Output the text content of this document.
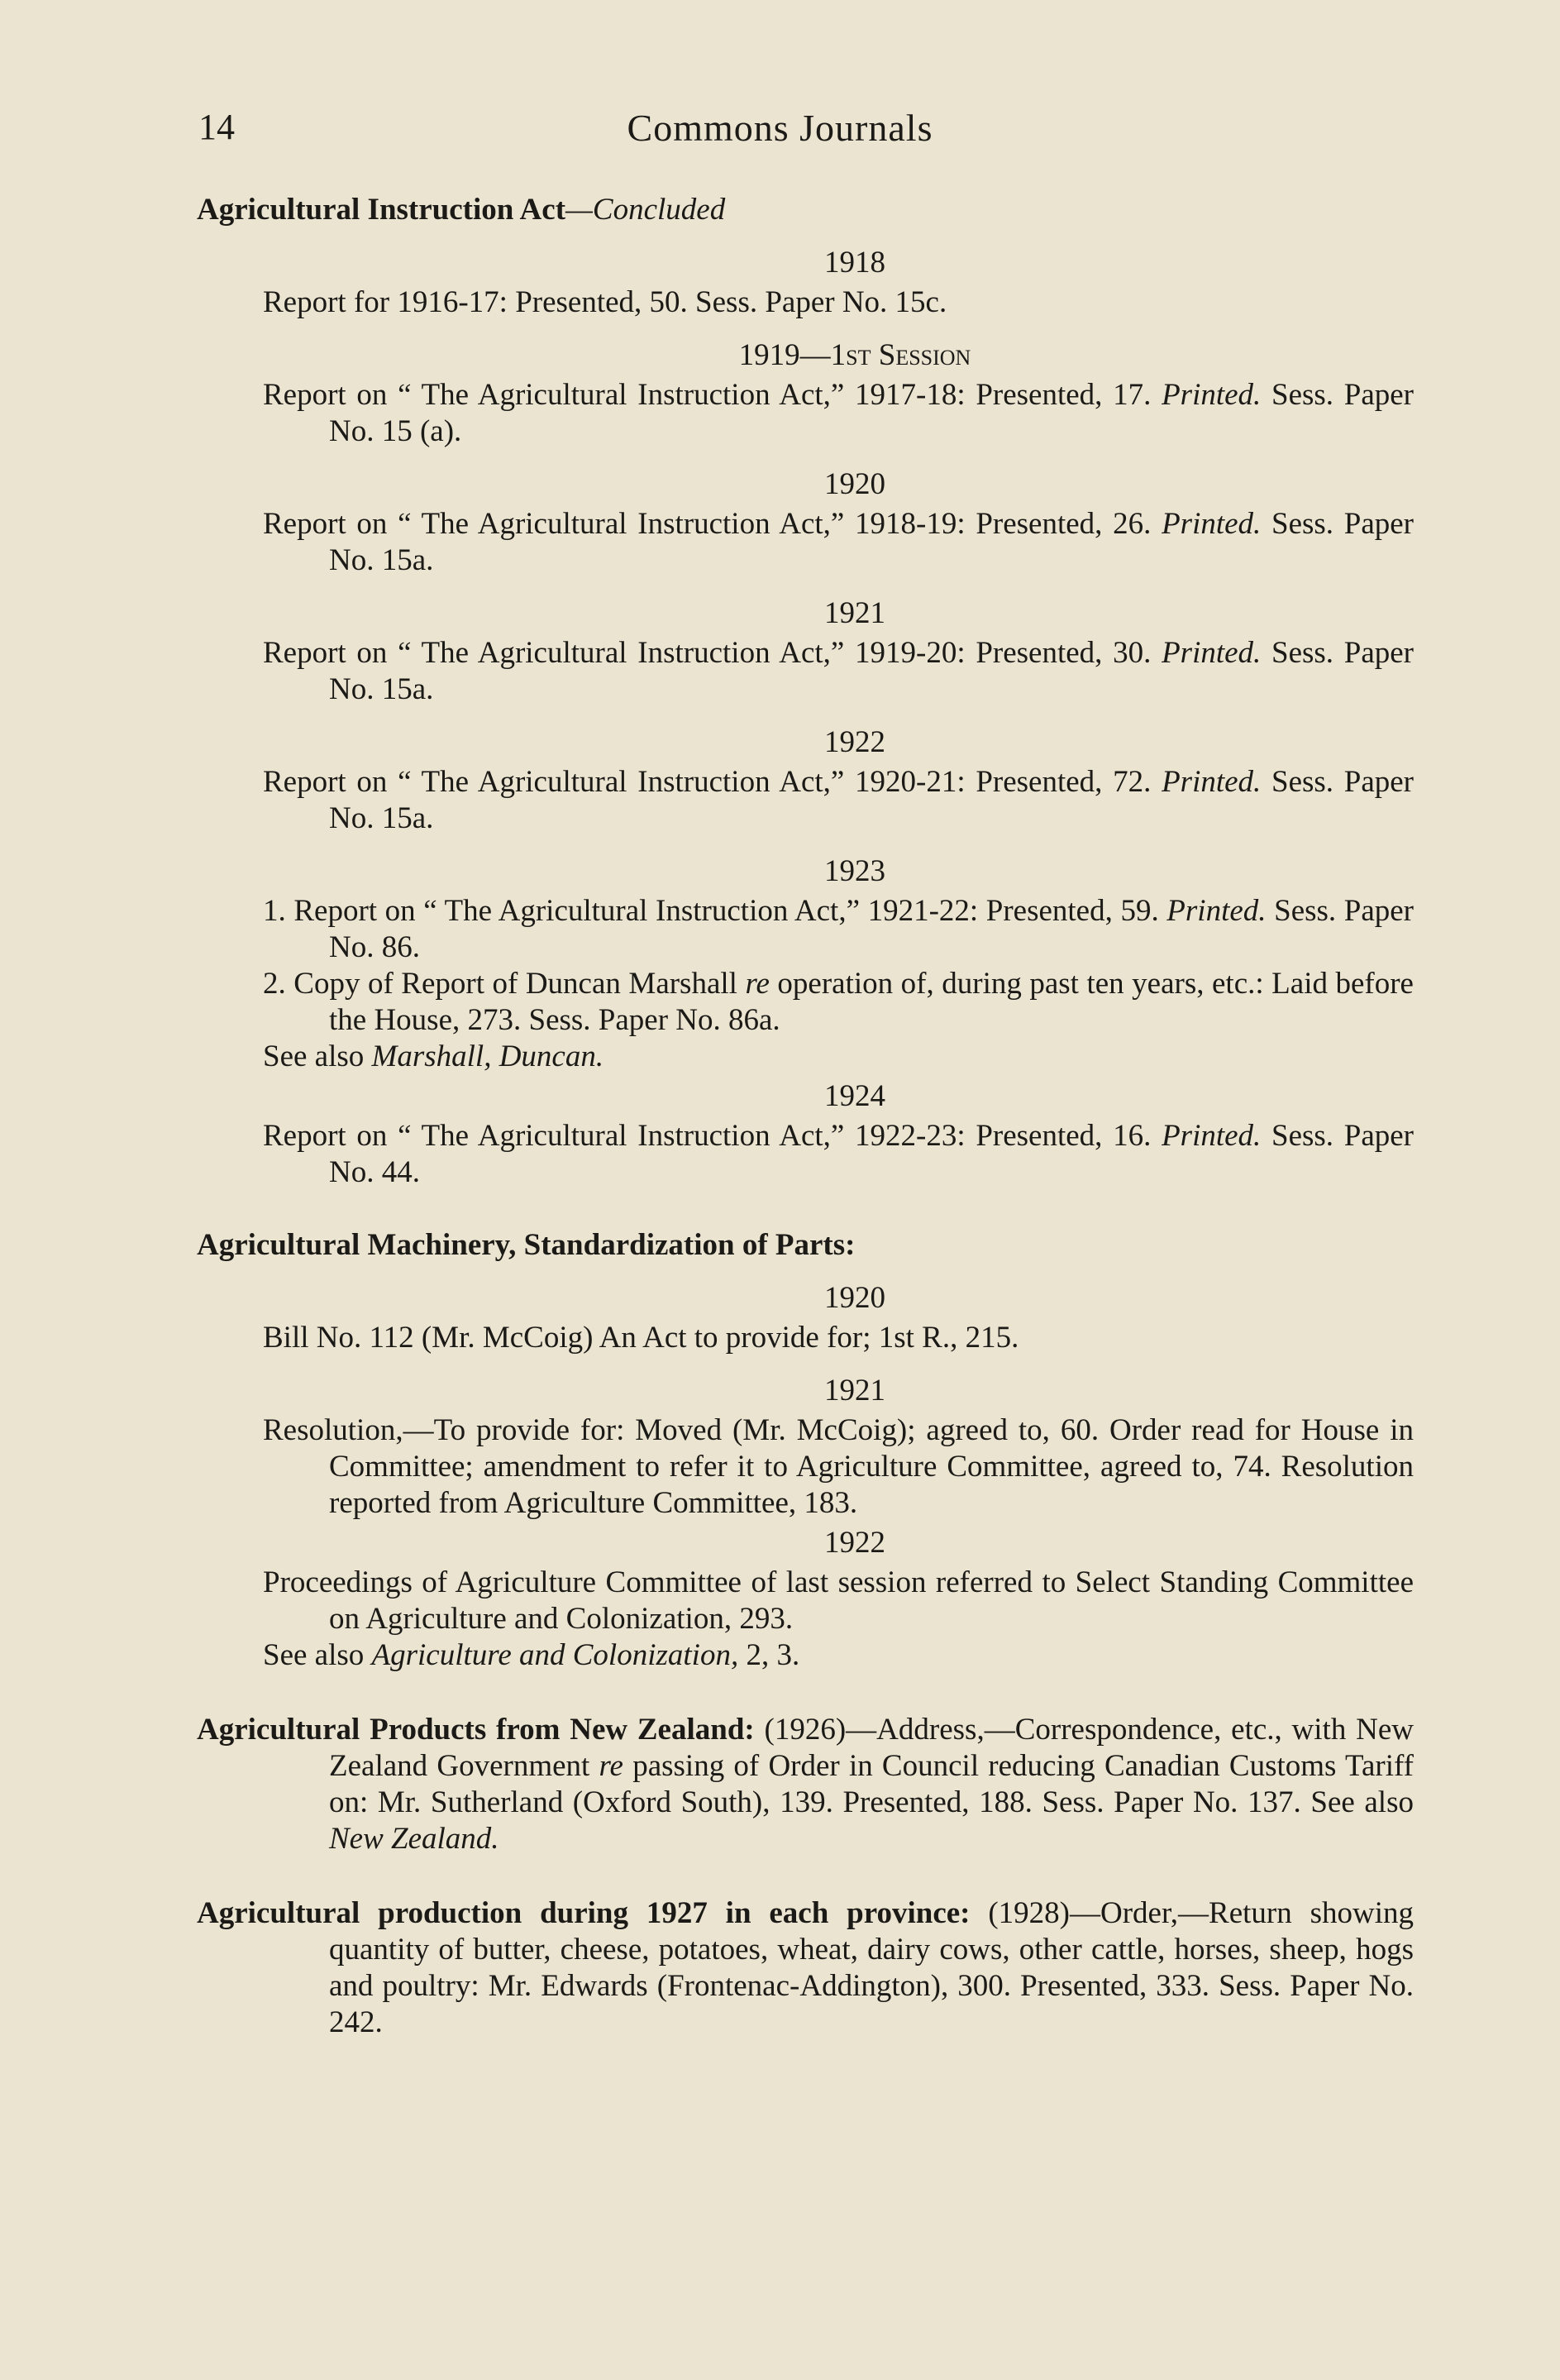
14	Commons Journals
Agricultural Instruction Act—Concluded
1918
Report for 1916-17: Presented, 50. Sess. Paper No. 15c.
1919—1st Session
Report on “ The Agricultural Instruction Act,” 1917-18: Presented, 17. Printed. Sess. Paper No. 15 (a).
1920
Report on “ The Agricultural Instruction Act,” 1918-19: Presented, 26. Printed. Sess. Paper No. 15a.
1921
Report on “ The Agricultural Instruction Act,” 1919-20: Presented, 30. Printed. Sess. Paper No. 15a.
1922
Report on “ The Agricultural Instruction Act,” 1920-21: Presented, 72. Printed. Sess. Paper No. 15a.
1923
1. Report on “ The Agricultural Instruction Act,” 1921-22: Presented, 59. Printed. Sess. Paper No. 86.
2. Copy of Report of Duncan Marshall re operation of, during past ten years, etc.: Laid before the House, 273. Sess. Paper No. 86a.
See also Marshall, Duncan.
1924
Report on “ The Agricultural Instruction Act,” 1922-23: Presented, 16. Printed. Sess. Paper No. 44.
Agricultural Machinery, Standardization of Parts:
1920
Bill No. 112 (Mr. McCoig) An Act to provide for; 1st R., 215.
1921
Resolution,—To provide for: Moved (Mr. McCoig); agreed to, 60. Order read for House in Committee; amendment to refer it to Agriculture Committee, agreed to, 74. Resolution reported from Agriculture Committee, 183.
1922
Proceedings of Agriculture Committee of last session referred to Select Standing Committee on Agriculture and Colonization, 293.
See also Agriculture and Colonization, 2, 3.
Agricultural Products from New Zealand: (1926)—Address,—Correspondence, etc., with New Zealand Government re passing of Order in Council reducing Canadian Customs Tariff on: Mr. Sutherland (Oxford South), 139. Presented, 188. Sess. Paper No. 137. See also New Zealand.
Agricultural production during 1927 in each province: (1928)—Order,—Return showing quantity of butter, cheese, potatoes, wheat, dairy cows, other cattle, horses, sheep, hogs and poultry: Mr. Edwards (Frontenac-Addington), 300. Presented, 333. Sess. Paper No. 242.
